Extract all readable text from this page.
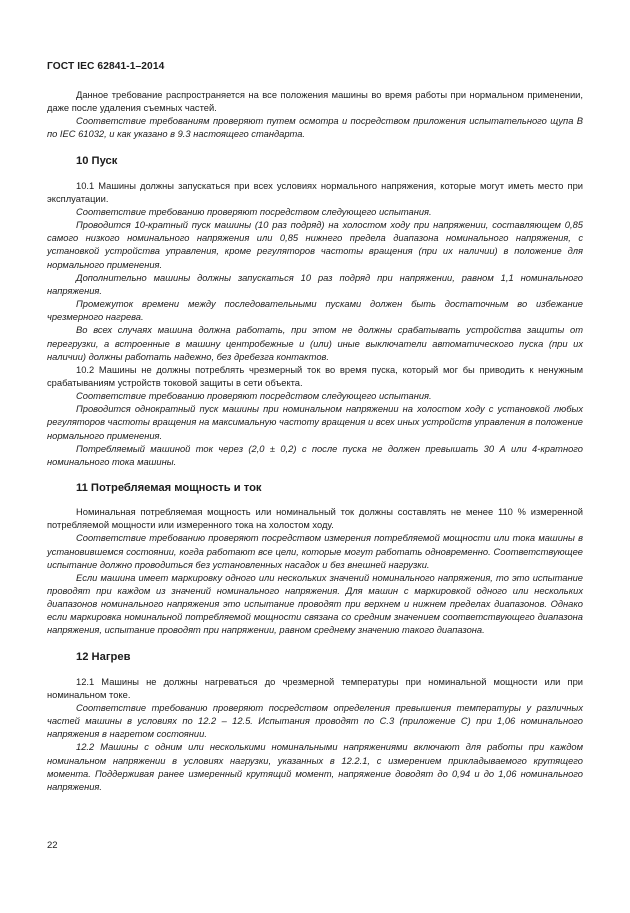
ГОСТ IEC 62841-1–2014

Данное требование распространяется на все положения машины во время работы при нормальном применении, даже после удаления съемных частей.

Соответствие требованиям проверяют путем осмотра и посредством приложения испытательного щупа В по IEC 61032, и как указано в 9.3 настоящего стандарта.

10 Пуск

10.1 Машины должны запускаться при всех условиях нормального напряжения, которые могут иметь место при эксплуатации.

Соответствие требованию проверяют посредством следующего испытания.

Проводится 10-кратный пуск машины (10 раз подряд) на холостом ходу при напряжении, составляющем 0,85 самого низкого номинального напряжения или 0,85 нижнего предела диапазона номинального напряжения, с установкой устройства управления, кроме регуляторов частоты вращения (при их наличии) в положение для нормального применения.

Дополнительно машины должны запускаться 10 раз подряд при напряжении, равном 1,1 номинального напряжения.

Промежуток времени между последовательными пусками должен быть достаточным во избежание чрезмерного нагрева.

Во всех случаях машина должна работать, при этом не должны срабатывать устройства защиты от перегрузки, а встроенные в машину центробежные и (или) иные выключатели автоматического пуска (при их наличии) должны работать надежно, без дребезга контактов.

10.2 Машины не должны потреблять чрезмерный ток во время пуска, который мог бы приводить к ненужным срабатываниям устройств токовой защиты в сети объекта.

Соответствие требованию проверяют посредством следующего испытания.

Проводится однократный пуск машины при номинальном напряжении на холостом ходу с установкой любых регуляторов частоты вращения на максимальную частоту вращения и всех иных устройств управления в положение нормального применения.

Потребляемый машиной ток через (2,0 ± 0,2) с после пуска не должен превышать 30 А или 4-кратного номинального тока машины.

11 Потребляемая мощность и ток

Номинальная потребляемая мощность или номинальный ток должны составлять не менее 110 % измеренной потребляемой мощности или измеренного тока на холостом ходу.

Соответствие требованию проверяют посредством измерения потребляемой мощности или тока машины в установившемся состоянии, когда работают все цели, которые могут работать одновременно. Соответствующее испытание должно проводиться без установленных насадок и без внешней нагрузки.

Если машина имеет маркировку одного или нескольких значений номинального напряжения, то это испытание проводят при каждом из значений номинального напряжения. Для машин с маркировкой одного или нескольких диапазонов номинального напряжения это испытание проводят при верхнем и нижнем пределах диапазонов. Однако если маркировка номинальной потребляемой мощности связана со средним значением соответствующего диапазона напряжения, испытание проводят при напряжении, равном среднему значению такого диапазона.

12 Нагрев

12.1 Машины не должны нагреваться до чрезмерной температуры при номинальной мощности или при номинальном токе.

Соответствие требованию проверяют посредством определения превышения температуры у различных частей машины в условиях по 12.2 – 12.5. Испытания проводят по С.3 (приложение С) при 1,06 номинального напряжения в нагретом состоянии.

12.2 Машины с одним или несколькими номинальными напряжениями включают для работы при каждом номинальном напряжении в условиях нагрузки, указанных в 12.2.1, с измерением прикладываемого крутящего момента. Поддерживая ранее измеренный крутящий момент, напряжение доводят до 0,94 и до 1,06 номинального напряжения.

22
